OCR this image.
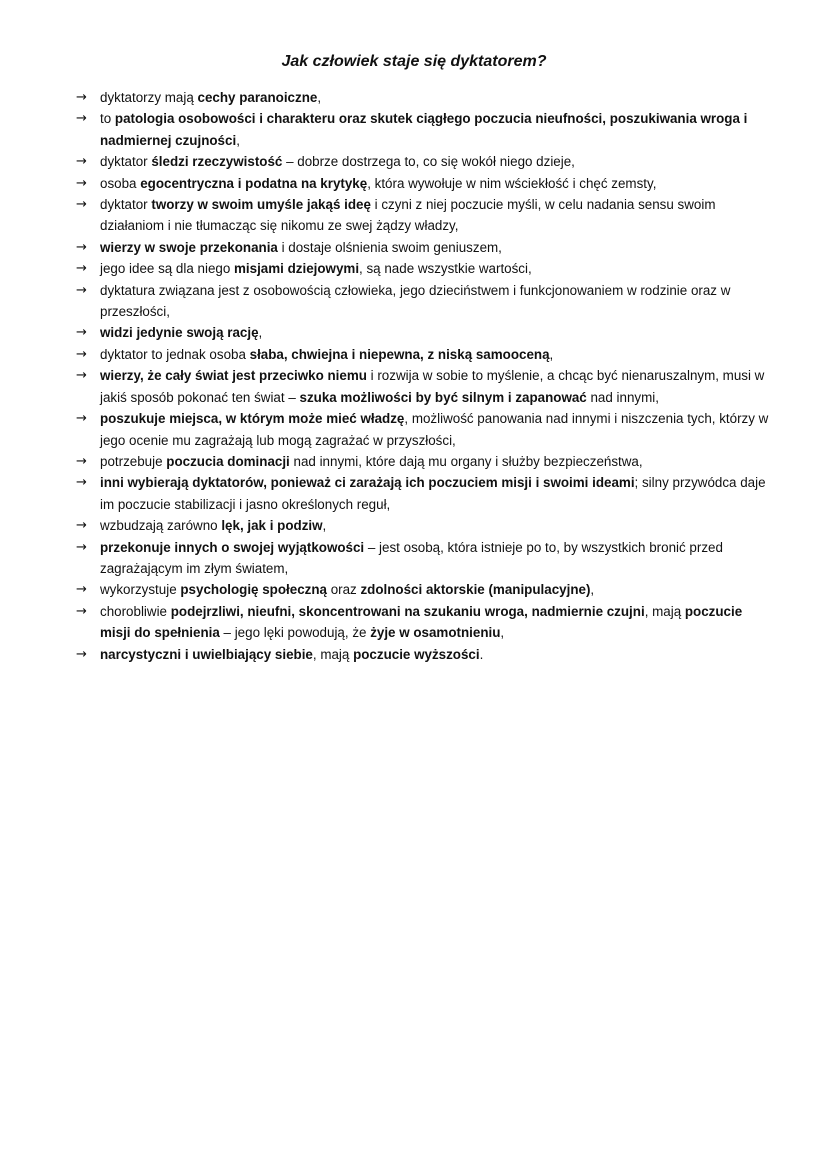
Jak człowiek staje się dyktatorem?
→ dyktatorzy mają cechy paranoiczne,
→ to patologia osobowości i charakteru oraz skutek ciągłego poczucia nieufności, poszukiwania wroga i nadmiernej czujności,
→ dyktator śledzi rzeczywistość – dobrze dostrzega to, co się wokół niego dzieje,
→ osoba egocentryczna i podatna na krytykę, która wywołuje w nim wściekłość i chęć zemsty,
→ dyktator tworzy w swoim umyśle jakąś ideę i czyni z niej poczucie myśli, w celu nadania sensu swoim działaniom i nie tłumacząc się nikomu ze swej żądzy władzy,
→ wierzy w swoje przekonania i dostaje olśnienia swoim geniuszem,
→ jego idee są dla niego misjami dziejowymi, są nade wszystkie wartości,
→ dyktatura związana jest z osobowością człowieka, jego dzieciństwem i funkcjonowaniem w rodzinie oraz w przeszłości,
→ widzi jedynie swoją rację,
→ dyktator to jednak osoba słaba, chwiejna i niepewna, z niską samooceną,
→ wierzy, że cały świat jest przeciwko niemu i rozwija w sobie to myślenie, a chcąc być nienaruszalnym, musi w jakiś sposób pokonać ten świat – szuka możliwości by być silnym i zapanować nad innymi,
→ poszukuje miejsca, w którym może mieć władzę, możliwość panowania nad innymi i niszczenia tych, którzy w jego ocenie mu zagrażają lub mogą zagrażać w przyszłości,
→ potrzebuje poczucia dominacji nad innymi, które dają mu organy i służby bezpieczeństwa,
→ inni wybierają dyktatorów, ponieważ ci zarażają ich poczuciem misji i swoimi ideami; silny przywódca daje im poczucie stabilizacji i jasno określonych reguł,
→ wzbudzają zarówno lęk, jak i podziw,
→ przekonuje innych o swojej wyjątkowości – jest osobą, która istnieje po to, by wszystkich bronić przed zagrażającym im złym światem,
→ wykorzystuje psychologię społeczną oraz zdolności aktorskie (manipulacyjne),
→ chorobliwie podejrzliwi, nieufni, skoncentrowani na szukaniu wroga, nadmiernie czujni, mają poczucie misji do spełnienia – jego lęki powodują, że żyje w osamotnieniu,
→ narcystyczni i uwielbiający siebie, mają poczucie wyższości.
